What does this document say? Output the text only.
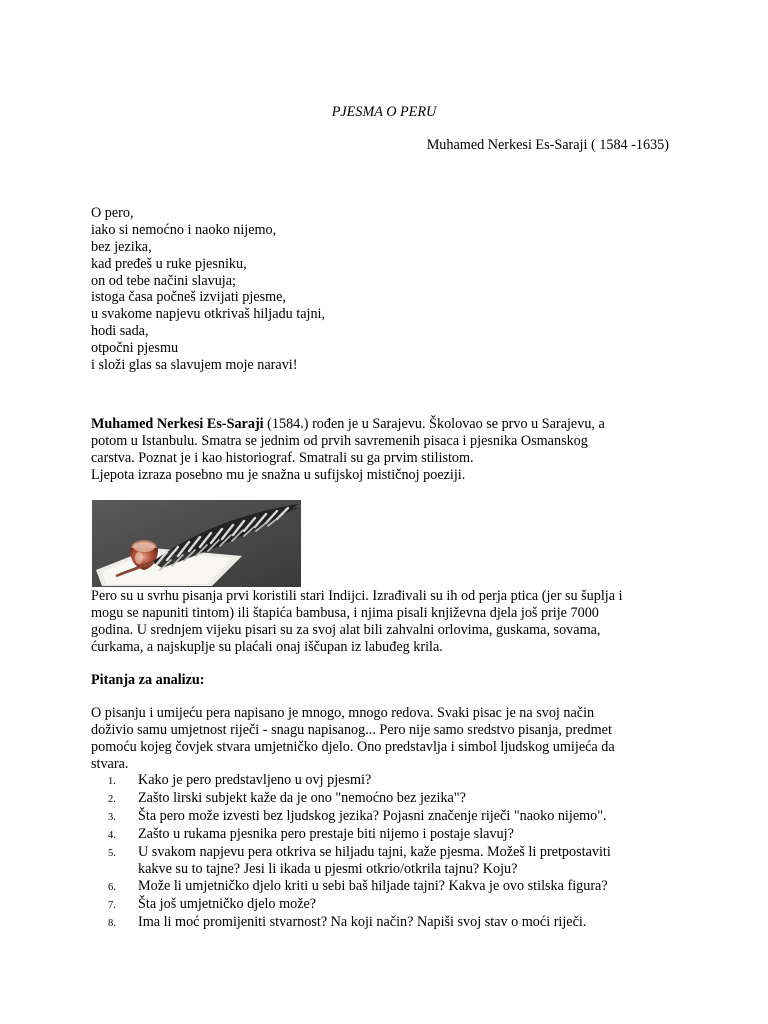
PJESMA O PERU
Muhamed Nerkesi Es-Saraji ( 1584 -1635)
O pero,
iako si nemoćno i naoko nijemo,
bez jezika,
kad pređeš u ruke pjesniku,
on od tebe načini slavuja;
istoga časa počneš izvijati pjesme,
u svakome napjevu otkrivaš hiljadu tajni,
hodi sada,
otpočni pjesmu
i složi glas sa slavujem moje naravi!
Muhamed Nerkesi Es-Saraji (1584.) rođen je u Sarajevu. Školovao se prvo u Sarajevu, a
potom u Istanbulu. Smatra se jednim od prvih savremenih pisaca i pjesnika Osmanskog
carstva. Poznat je i kao historiograf. Smatrali su ga prvim stilistom.
Ljepota izraza posebno mu je snažna u sufijskoj mističnoj poeziji.
Pero su u svrhu pisanja prvi koristili stari Indijci. Izrađivali su ih od perja ptica (jer su šuplja i
mogu se napuniti tintom) ili štapića bambusa, i njima pisali književna djela još prije 7000
godina. U srednjem vijeku pisari su za svoj alat bili zahvalni orlovima, guskama, sovama,
ćurkama, a najskuplje su plaćali onaj iščupan iz labuđeg krila.
Pitanja za analizu:
O pisanju i umijeću pera napisano je mnogo, mnogo redova. Svaki pisac je na svoj način
doživio samu umjetnost riječi - snagu napisanog... Pero nije samo sredstvo pisanja, predmet
pomoću kojeg čovjek stvara umjetničko djelo. Ono predstavlja i simbol ljudskog umijeća da
stvara.
1.	Kako je pero predstavljeno u ovj pjesmi?
2.	Zašto lirski subjekt kaže da je ono "nemoćno bez jezika"?
3.	Šta pero može izvesti bez ljudskog jezika? Pojasni značenje riječi "naoko nijemo".
4.	Zašto u rukama pjesnika pero prestaje biti nijemo i postaje slavuj?
5.	U svakom napjevu pera otkriva se hiljadu tajni, kaže pjesma. Možeš li pretpostaviti
kakve su to tajne? Jesi li ikada u pjesmi otkrio/otkrila tajnu? Koju?
6.	Može li umjetničko djelo kriti u sebi baš hiljade tajni? Kakva je ovo stilska figura?
7.	Šta još umjetničko djelo može?
8.	Ima li moć promijeniti stvarnost? Na koji način? Napiši svoj stav o moći riječi.
